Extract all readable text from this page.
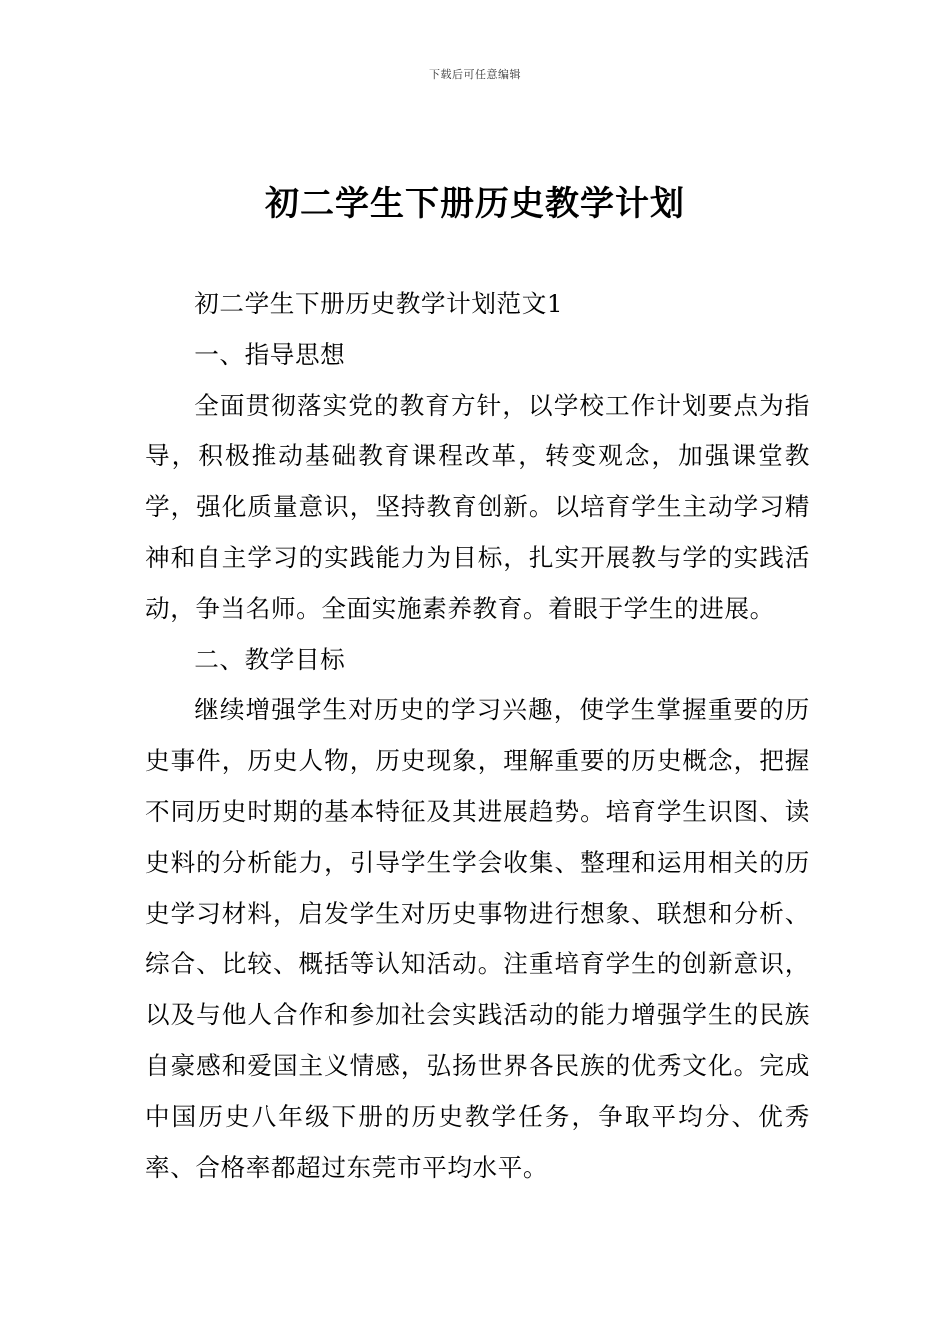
下载后可任意编辑
初二学生下册历史教学计划

初二学生下册历史教学计划范文1

一、指导思想

全面贯彻落实党的教育方针，以学校工作计划要点为指导，积极推动基础教育课程改革，转变观念，加强课堂教学，强化质量意识，坚持教育创新。以培育学生主动学习精神和自主学习的实践能力为目标，扎实开展教与学的实践活动，争当名师。全面实施素养教育。着眼于学生的进展。

二、教学目标

继续增强学生对历史的学习兴趣，使学生掌握重要的历史事件，历史人物，历史现象，理解重要的历史概念，把握不同历史时期的基本特征及其进展趋势。培育学生识图、读史料的分析能力，引导学生学会收集、整理和运用相关的历史学习材料，启发学生对历史事物进行想象、联想和分析、综合、比较、概括等认知活动。注重培育学生的创新意识，以及与他人合作和参加社会实践活动的能力增强学生的民族自豪感和爱国主义情感，弘扬世界各民族的优秀文化。完成中国历史八年级下册的历史教学任务，争取平均分、优秀率、合格率都超过东莞市平均水平。
